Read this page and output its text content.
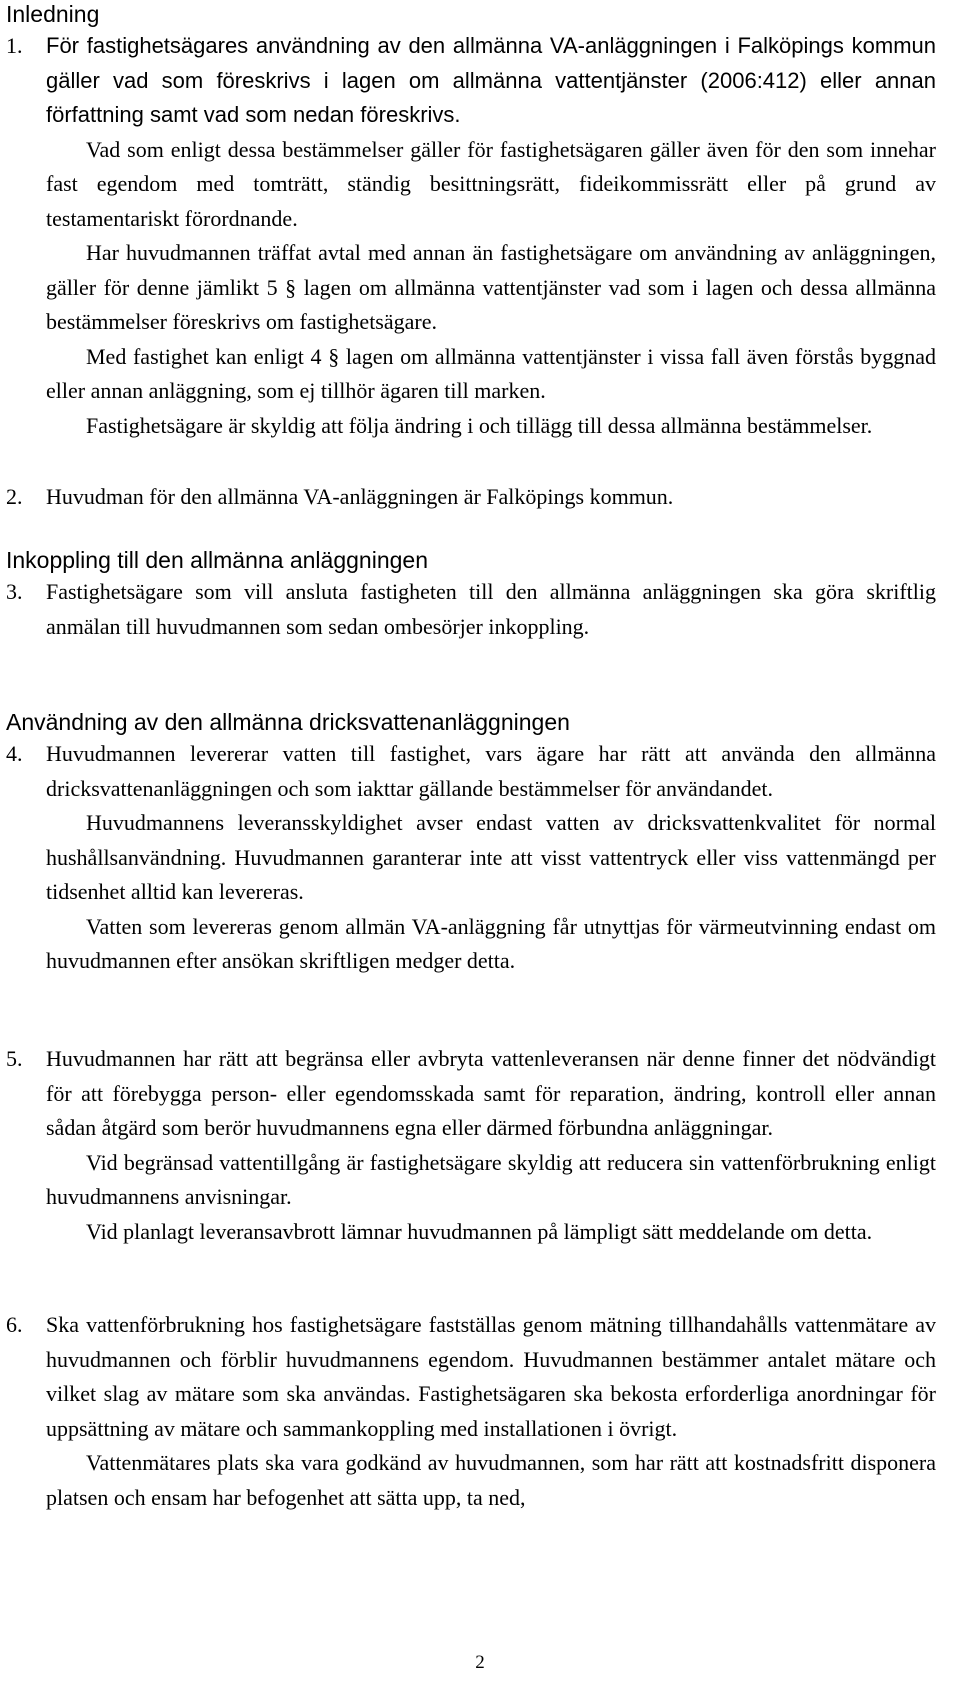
Inledning
1.	För fastighetsägares användning av den allmänna VA-anläggningen i Falköpings kommun gäller vad som föreskrivs i lagen om allmänna vattentjänster (2006:412) eller annan författning samt vad som nedan föreskrivs.

Vad som enligt dessa bestämmelser gäller för fastighetsägaren gäller även för den som innehar fast egendom med tomträtt, ständig besittningsrätt, fideikommissrätt eller på grund av testamentariskt förordnande.

Har huvudmannen träffat avtal med annan än fastighetsägare om användning av anläggningen, gäller för denne jämlikt 5 § lagen om allmänna vattentjänster vad som i lagen och dessa allmänna bestämmelser föreskrivs om fastighetsägare.

Med fastighet kan enligt 4 § lagen om allmänna vattentjänster i vissa fall även förstås byggnad eller annan anläggning, som ej tillhör ägaren till marken.

Fastighetsägare är skyldig att följa ändring i och tillägg till dessa allmänna bestämmelser.

2.	Huvudman för den allmänna VA-anläggningen är Falköpings kommun.

Inkoppling till den allmänna anläggningen
3.	Fastighetsägare som vill ansluta fastigheten till den allmänna anläggningen ska göra skriftlig anmälan till huvudmannen som sedan ombesörjer inkoppling.

Användning av den allmänna dricksvattenanläggningen
4.	Huvudmannen levererar vatten till fastighet, vars ägare har rätt att använda den allmänna dricksvattenanläggningen och som iakttar gällande bestämmelser för användandet.

Huvudmannens leveransskyldighet avser endast vatten av dricksvattenkvalitet för normal hushållsanvändning. Huvudmannen garanterar inte att visst vattentryck eller viss vattenmängd per tidsenhet alltid kan levereras.

Vatten som levereras genom allmän VA-anläggning får utnyttjas för värmeutvinning endast om huvudmannen efter ansökan skriftligen medger detta.

5.	Huvudmannen har rätt att begränsa eller avbryta vattenleveransen när denne finner det nödvändigt för att förebygga person- eller egendomsskada samt för reparation, ändring, kontroll eller annan sådan åtgärd som berör huvudmannens egna eller därmed förbundna anläggningar.

Vid begränsad vattentillgång är fastighetsägare skyldig att reducera sin vattenförbrukning enligt huvudmannens anvisningar.

Vid planlagt leveransavbrott lämnar huvudmannen på lämpligt sätt meddelande om detta.

6.	Ska vattenförbrukning hos fastighetsägare fastställas genom mätning tillhandahålls vattenmätare av huvudmannen och förblir huvudmannens egendom. Huvudmannen bestämmer antalet mätare och vilket slag av mätare som ska användas. Fastighetsägaren ska bekosta erforderliga anordningar för uppsättning av mätare och sammankoppling med installationen i övrigt.

Vattenmätares plats ska vara godkänd av huvudmannen, som har rätt att kostnadsfritt disponera platsen och ensam har befogenhet att sätta upp, ta ned,

2
